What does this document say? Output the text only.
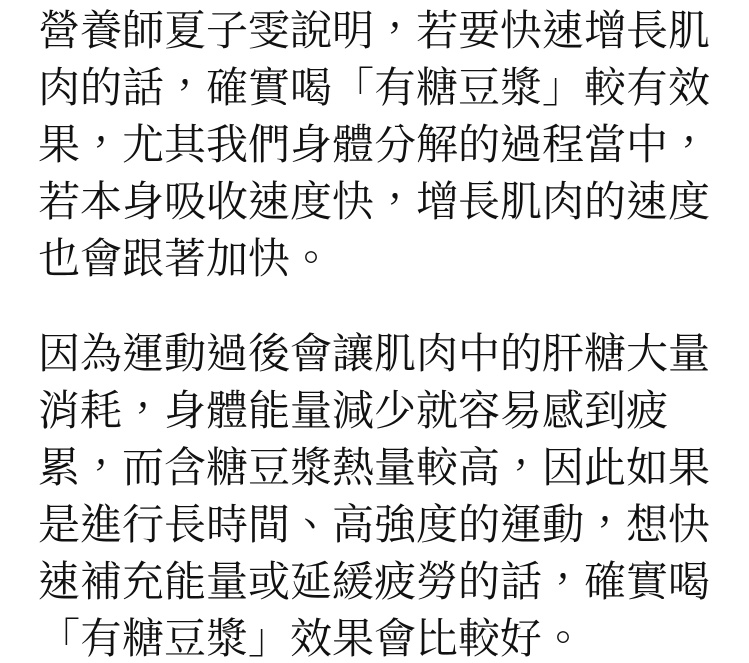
營養師夏子雯說明，若要快速增長肌
肉的話，確實喝「有糖豆漿」較有效
果，尤其我們身體分解的過程當中，
若本身吸收速度快，增長肌肉的速度
也會跟著加快。

因為運動過後會讓肌肉中的肝糖大量
消耗，身體能量減少就容易感到疲
累，而含糖豆漿熱量較高，因此如果
是進行長時間、高強度的運動，想快
速補充能量或延緩疲勞的話，確實喝
「有糖豆漿」效果會比較好。
